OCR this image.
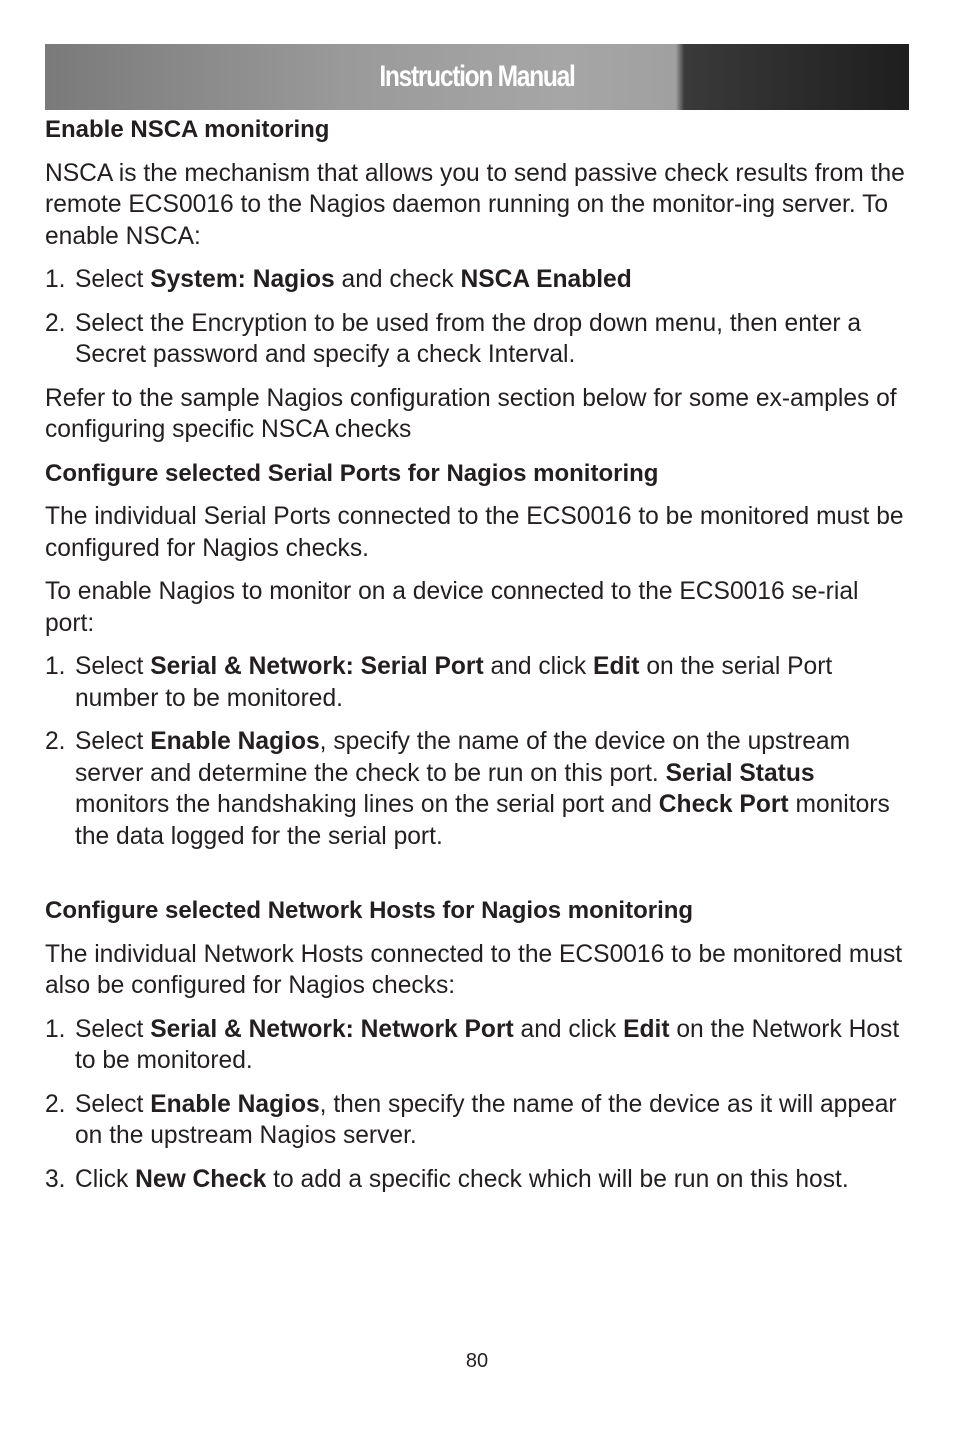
Instruction Manual
Enable NSCA monitoring

NSCA is the mechanism that allows you to send passive check results from the remote ECS0016 to the Nagios daemon running on the monitor-ing server. To enable NSCA:

1. Select System: Nagios and check NSCA Enabled
2. Select the Encryption to be used from the drop down menu, then enter a Secret password and specify a check Interval.

Refer to the sample Nagios configuration section below for some ex-amples of configuring specific NSCA checks

Configure selected Serial Ports for Nagios monitoring

The individual Serial Ports connected to the ECS0016 to be monitored must be configured for Nagios checks.

To enable Nagios to monitor on a device connected to the ECS0016 se-rial port:

1. Select Serial & Network: Serial Port and click Edit on the serial Port number to be monitored.
2. Select Enable Nagios, specify the name of the device on the upstream server and determine the check to be run on this port. Serial Status monitors the handshaking lines on the serial port and Check Port monitors the data logged for the serial port.
Configure selected Network Hosts for Nagios monitoring

The individual Network Hosts connected to the ECS0016 to be monitored must also be configured for Nagios checks:

1. Select Serial & Network: Network Port and click Edit on the Network Host to be monitored.
2. Select Enable Nagios, then specify the name of the device as it will appear on the upstream Nagios server.
3. Click New Check to add a specific check which will be run on this host.
80
